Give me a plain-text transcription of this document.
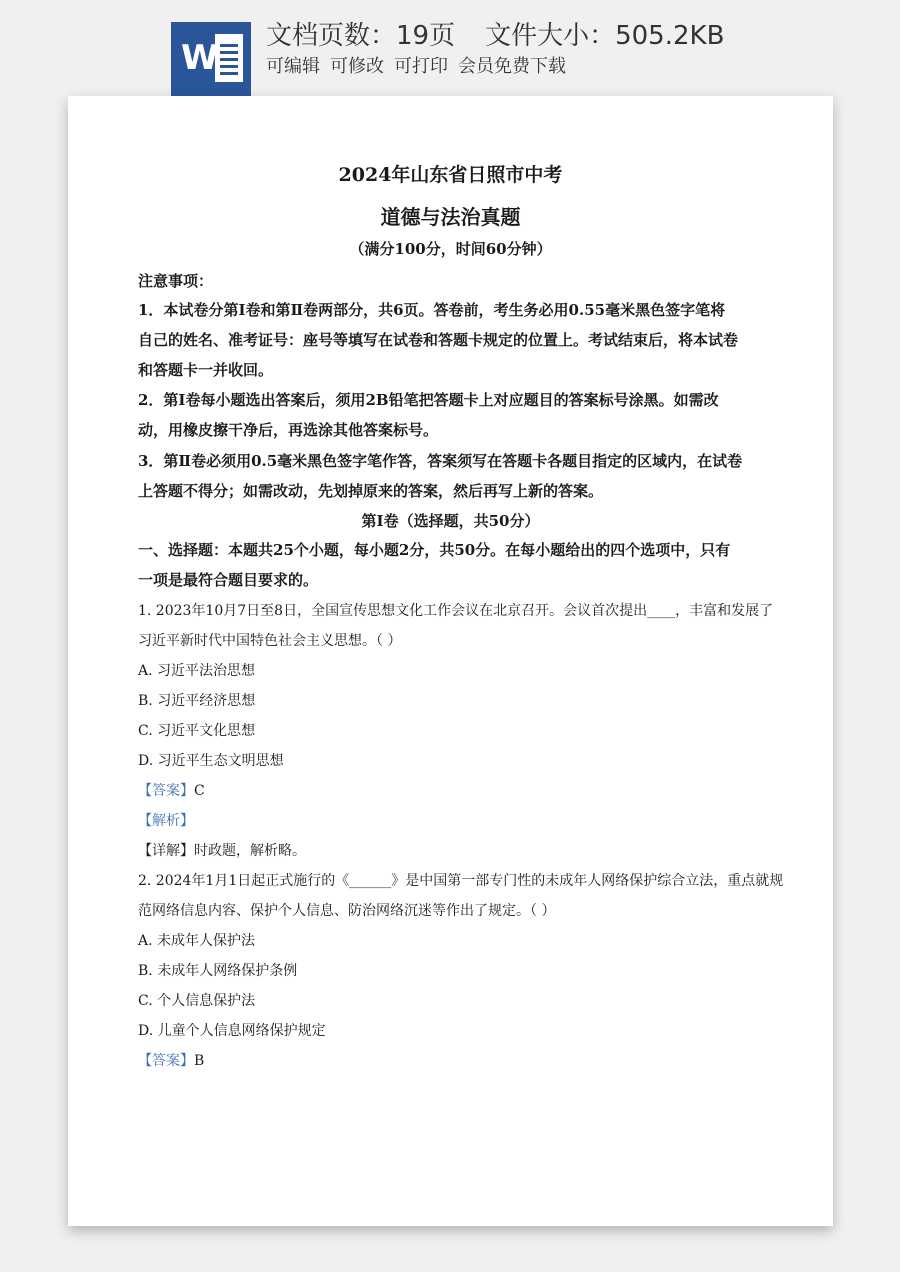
W
文档页数：19页 文件大小：505.2KB
可编辑 可修改 可打印 会员免费下载
2024年山东省日照市中考
道德与法治真题
（满分100分，时间60分钟）
注意事项：
1．本试卷分第Ⅰ卷和第Ⅱ卷两部分，共6页。答卷前，考生务必用0.55毫米黑色签字笔将
自己的姓名、准考证号：座号等填写在试卷和答题卡规定的位置上。考试结束后，将本试卷
和答题卡一并收回。
2．第Ⅰ卷每小题选出答案后，须用2B铅笔把答题卡上对应题目的答案标号涂黑。如需改
动，用橡皮擦干净后，再选涂其他答案标号。
3．第Ⅱ卷必须用0.5毫米黑色签字笔作答，答案须写在答题卡各题目指定的区域内，在试卷
上答题不得分；如需改动，先划掉原来的答案，然后再写上新的答案。
第Ⅰ卷（选择题，共50分）
一、选择题：本题共25个小题，每小题2分，共50分。在每小题给出的四个选项中，只有
一项是最符合题目要求的。
1. 2023年10月7日至8日，全国宣传思想文化工作会议在北京召开。会议首次提出____，丰富和发展了
习近平新时代中国特色社会主义思想。（ ）
A. 习近平法治思想
B. 习近平经济思想
C. 习近平文化思想
D. 习近平生态文明思想
【答案】C
【解析】
【详解】时政题，解析略。
2. 2024年1月1日起正式施行的《______》是中国第一部专门性的未成年人网络保护综合立法，重点就规
范网络信息内容、保护个人信息、防治网络沉迷等作出了规定。（ ）
A. 未成年人保护法
B. 未成年人网络保护条例
C. 个人信息保护法
D. 儿童个人信息网络保护规定
【答案】B
